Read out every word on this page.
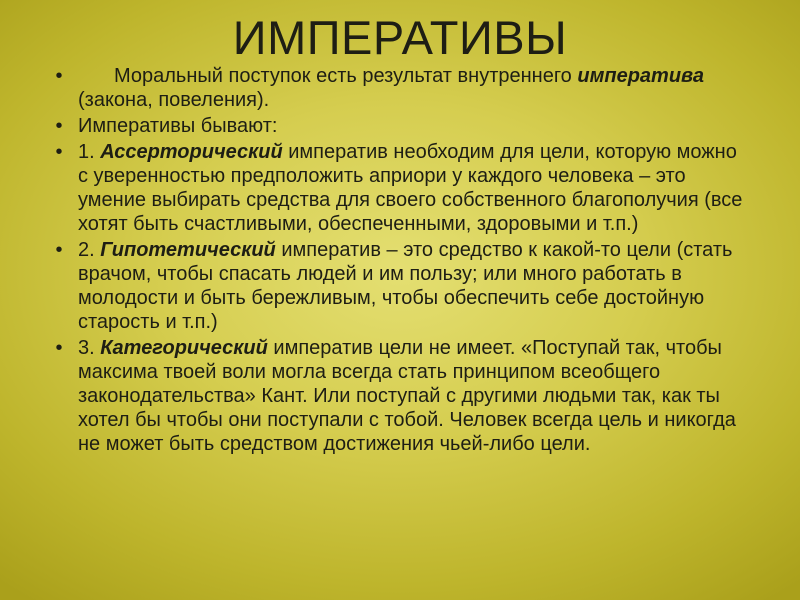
ИМПЕРАТИВЫ
•	Моральный поступок есть результат внутреннего императива (закона, повеления).
• Императивы бывают:
• 1. Ассерторический императив необходим для цели, которую можно с уверенностью предположить априори у каждого человека – это умение выбирать средства для своего собственного благополучия (все хотят быть счастливыми, обеспеченными, здоровыми и т.п.)
• 2. Гипотетический императив – это средство к какой-то цели (стать врачом, чтобы спасать людей и им пользу; или много работать в молодости и быть бережливым, чтобы обеспечить себе достойную старость и т.п.)
• 3. Категорический императив цели не имеет. «Поступай так, чтобы максима твоей воли могла всегда стать принципом всеобщего законодательства» Кант. Или поступай с другими людьми так, как ты хотел бы чтобы они поступали с тобой. Человек всегда цель и никогда не может быть средством достижения чьей-либо цели.
